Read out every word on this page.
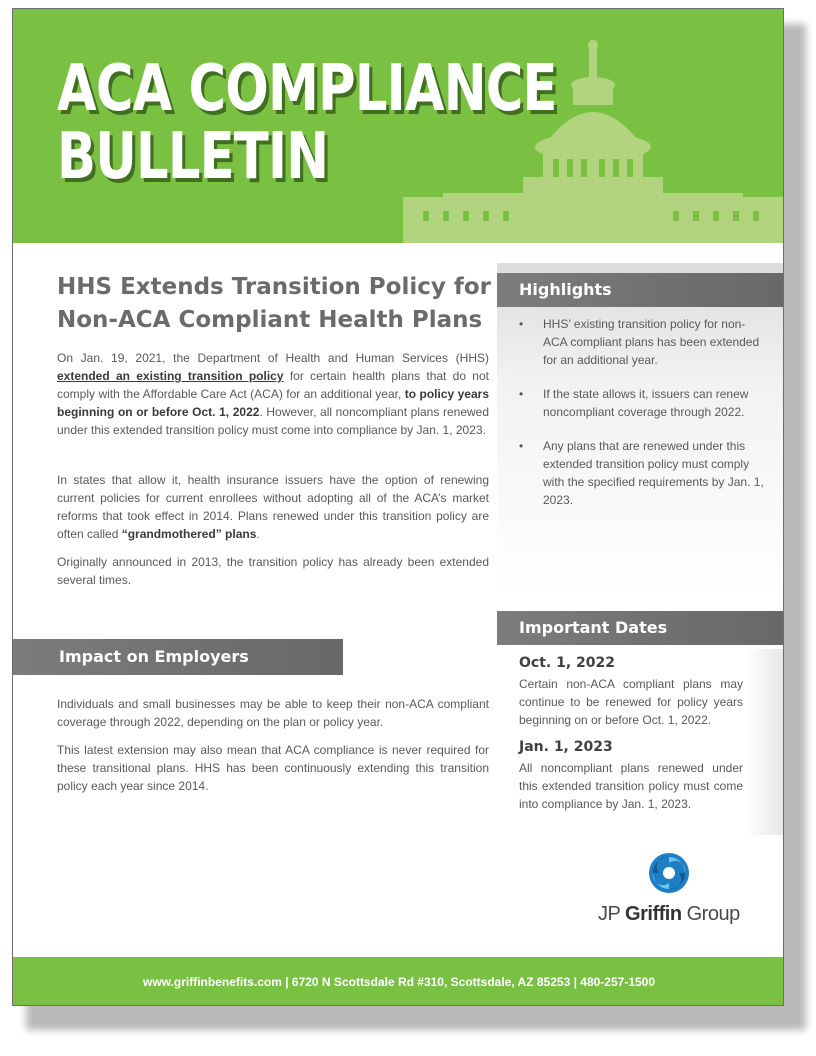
ACA COMPLIANCE
BULLETIN
HHS Extends Transition Policy for
Non-ACA Compliant Health Plans

On Jan. 19, 2021, the Department of Health and Human Services (HHS) extended an existing transition policy for certain health plans that do not comply with the Affordable Care Act (ACA) for an additional year, to policy years beginning on or before Oct. 1, 2022. However, all noncompliant plans renewed under this extended transition policy must come into compliance by Jan. 1, 2023.

In states that allow it, health insurance issuers have the option of renewing current policies for current enrollees without adopting all of the ACA’s market reforms that took effect in 2014. Plans renewed under this transition policy are often called “grandmothered” plans.

Originally announced in 2013, the transition policy has already been extended several times.

Impact on Employers

Individuals and small businesses may be able to keep their non-ACA compliant coverage through 2022, depending on the plan or policy year.

This latest extension may also mean that ACA compliance is never required for these transitional plans. HHS has been continuously extending this transition policy each year since 2014.

Highlights
• HHS’ existing transition policy for non-ACA compliant plans has been extended for an additional year.
• If the state allows it, issuers can renew noncompliant coverage through 2022.
• Any plans that are renewed under this extended transition policy must comply with the specified requirements by Jan. 1, 2023.
Important Dates
Oct. 1, 2022

Certain non-ACA compliant plans may continue to be renewed for policy years beginning on or before Oct. 1, 2022.

Jan. 1, 2023

All noncompliant plans renewed under this extended transition policy must come into compliance by Jan. 1, 2023.

JP Griffin Group
www.griffinbenefits.com | 6720 N Scottsdale Rd #310, Scottsdale, AZ 85253 | 480-257-1500
